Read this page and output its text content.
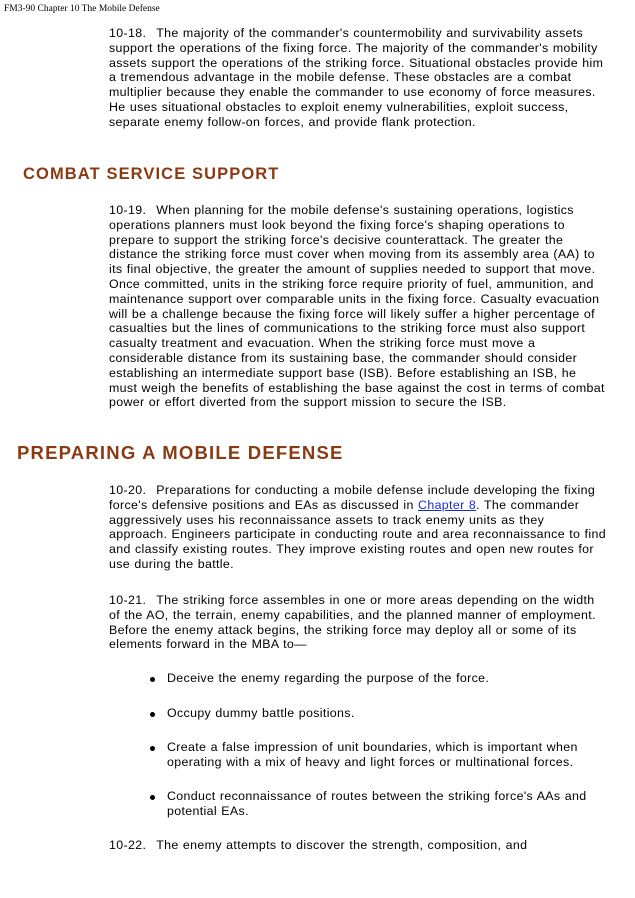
FM3-90 Chapter 10 The Mobile Defense

10-18. The majority of the commander's countermobility and survivability assets support the operations of the fixing force. The majority of the commander's mobility assets support the operations of the striking force. Situational obstacles provide him a tremendous advantage in the mobile defense. These obstacles are a combat multiplier because they enable the commander to use economy of force measures. He uses situational obstacles to exploit enemy vulnerabilities, exploit success, separate enemy follow-on forces, and provide flank protection.

COMBAT SERVICE SUPPORT

10-19. When planning for the mobile defense's sustaining operations, logistics operations planners must look beyond the fixing force's shaping operations to prepare to support the striking force's decisive counterattack. The greater the distance the striking force must cover when moving from its assembly area (AA) to its final objective, the greater the amount of supplies needed to support that move. Once committed, units in the striking force require priority of fuel, ammunition, and maintenance support over comparable units in the fixing force. Casualty evacuation will be a challenge because the fixing force will likely suffer a higher percentage of casualties but the lines of communications to the striking force must also support casualty treatment and evacuation. When the striking force must move a considerable distance from its sustaining base, the commander should consider establishing an intermediate support base (ISB). Before establishing an ISB, he must weigh the benefits of establishing the base against the cost in terms of combat power or effort diverted from the support mission to secure the ISB.

PREPARING A MOBILE DEFENSE

10-20. Preparations for conducting a mobile defense include developing the fixing force's defensive positions and EAs as discussed in Chapter 8. The commander aggressively uses his reconnaissance assets to track enemy units as they approach. Engineers participate in conducting route and area reconnaissance to find and classify existing routes. They improve existing routes and open new routes for use during the battle.

10-21. The striking force assembles in one or more areas depending on the width of the AO, the terrain, enemy capabilities, and the planned manner of employment. Before the enemy attack begins, the striking force may deploy all or some of its elements forward in the MBA to—

Deceive the enemy regarding the purpose of the force.
Occupy dummy battle positions.
Create a false impression of unit boundaries, which is important when operating with a mix of heavy and light forces or multinational forces.
Conduct reconnaissance of routes between the striking force's AAs and potential EAs.

10-22. The enemy attempts to discover the strength, composition, and
